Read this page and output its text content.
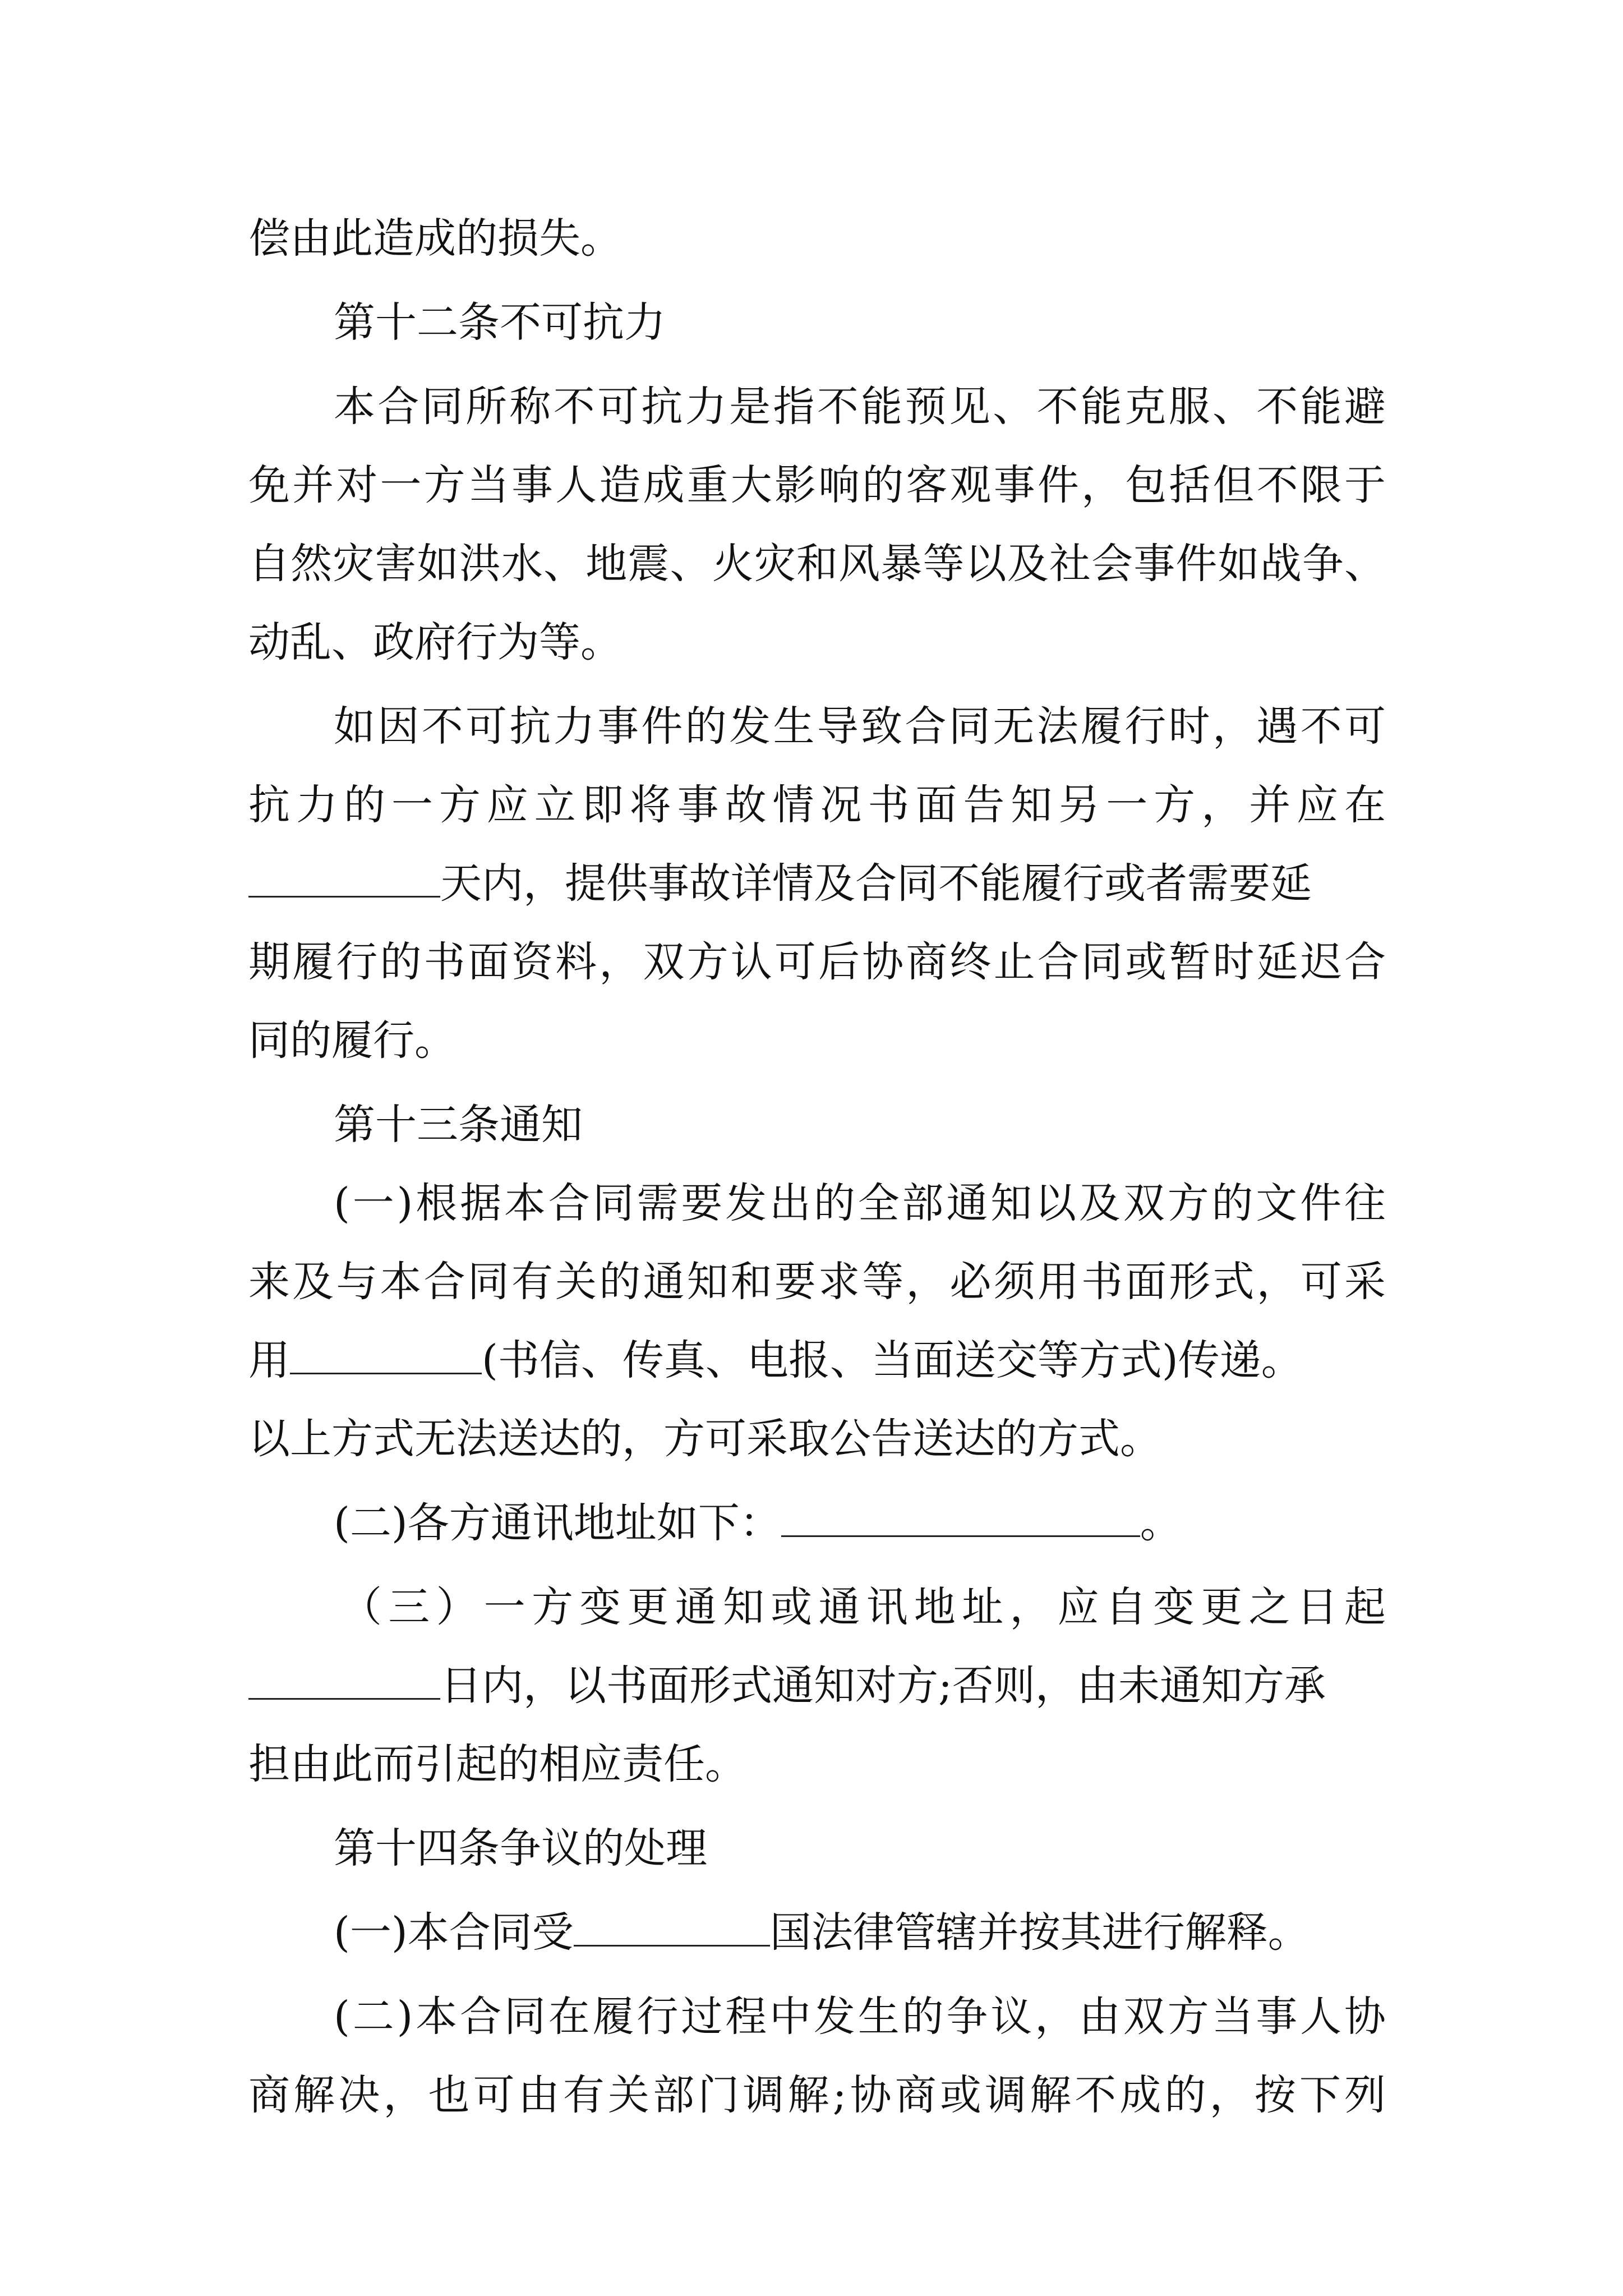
偿由此造成的损失。
第十二条不可抗力
本合同所称不可抗力是指不能预见、不能克服、不能避
免并对一方当事人造成重大影响的客观事件，包括但不限于
自然灾害如洪水、地震、火灾和风暴等以及社会事件如战争、
动乱、政府行为等。
如因不可抗力事件的发生导致合同无法履行时，遇不可
抗力的一方应立即将事故情况书面告知另一方，并应在
天内，提供事故详情及合同不能履行或者需要延
期履行的书面资料，双方认可后协商终止合同或暂时延迟合
同的履行。
第十三条通知
(一)根据本合同需要发出的全部通知以及双方的文件往
来及与本合同有关的通知和要求等，必须用书面形式，可采
用	(书信、传真、电报、当面送交等方式)传递。
以上方式无法送达的，方可采取公告送达的方式。
(二)各方通讯地址如下：	。
（三）一方变更通知或通讯地址，应自变更之日起
日内，以书面形式通知对方;否则，由未通知方承
担由此而引起的相应责任。
第十四条争议的处理
(一)本合同受	国法律管辖并按其进行解释。
(二)本合同在履行过程中发生的争议，由双方当事人协
商解决，也可由有关部门调解;协商或调解不成的，按下列
